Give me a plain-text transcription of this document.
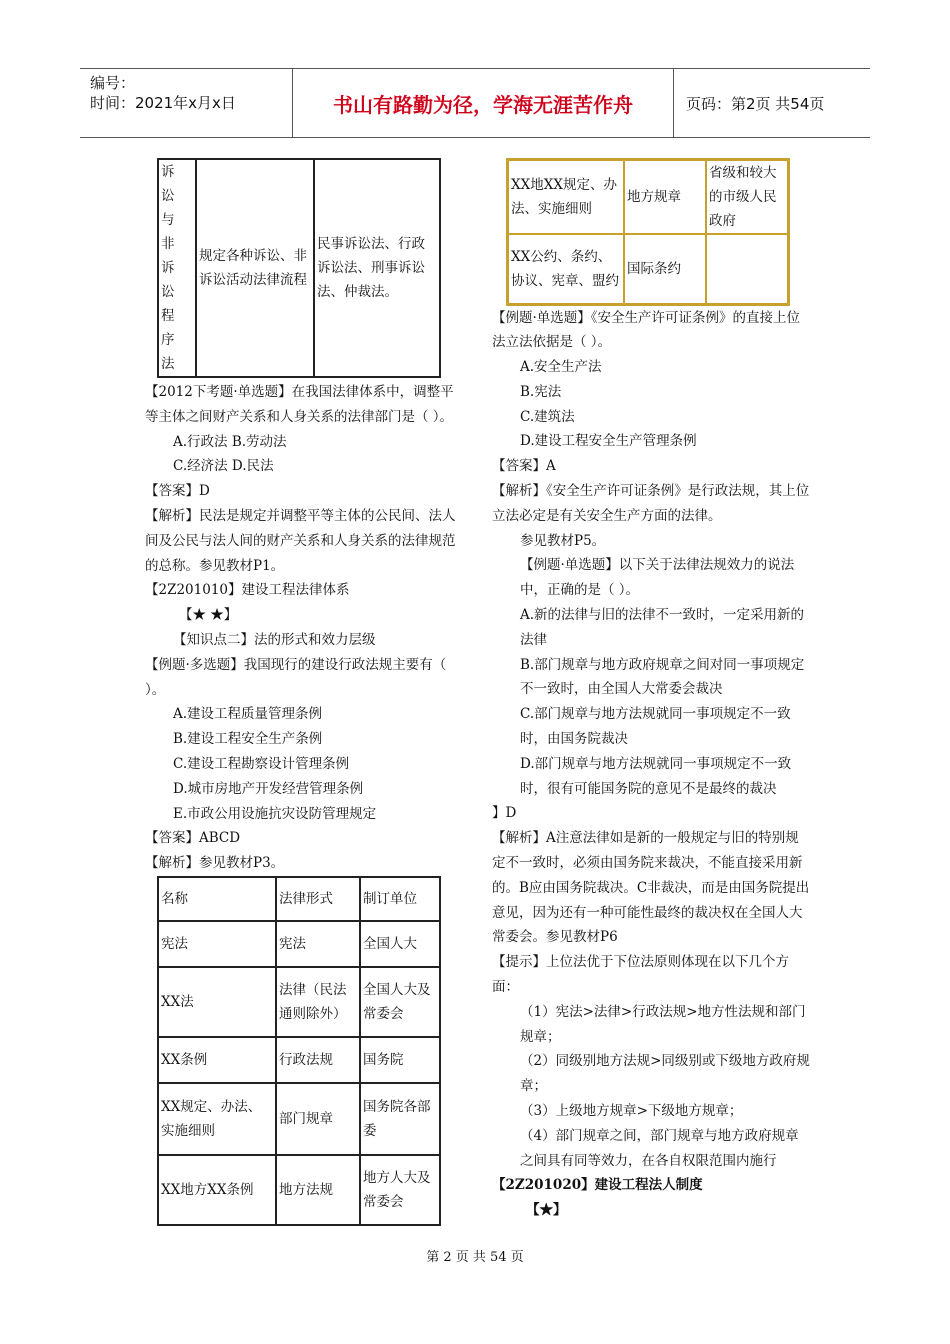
编号：
时间：2021年x月x日	书山有路勤为径，学海无涯苦作舟	页码：第2页 共54页
诉讼与非诉讼程序法	规定各种诉讼、非诉讼活动法律流程	民事诉讼法、行政诉讼法、刑事诉讼法、仲裁法。

【2012下考题·单选题】在我国法律体系中，调整平等主体之间财产关系和人身关系的法律部门是（ ）。

A.行政法 B.劳动法

C.经济法 D.民法

【答案】D

【解析】民法是规定并调整平等主体的公民间、法人间及公民与法人间的财产关系和人身关系的法律规范的总称。参见教材P1。

【2Z201010】建设工程法律体系

【★ ★】

【知识点二】法的形式和效力层级

【例题·多选题】我国现行的建设行政法规主要有（ ）。

A.建设工程质量管理条例

B.建设工程安全生产条例

C.建设工程勘察设计管理条例

D.城市房地产开发经营管理条例

E.市政公用设施抗灾设防管理规定

【答案】ABCD

【解析】参见教材P3。

名称	法律形式	制订单位
宪法	宪法	全国人大
XX法	法律（民法通则除外）	全国人大及常委会
XX条例	行政法规	国务院
XX规定、办法、实施细则	部门规章	国务院各部委
XX地方XX条例	地方法规	地方人大及常委会
XX地XX规定、办法、实施细则	地方规章	省级和较大的市级人民政府
XX公约、条约、协议、宪章、盟约	国际条约	

【例题·单选题】《安全生产许可证条例》的直接上位法立法依据是（ ）。

A.安全生产法

B.宪法

C.建筑法

D.建设工程安全生产管理条例

【答案】A

【解析】《安全生产许可证条例》是行政法规，其上位立法必定是有关安全生产方面的法律。

参见教材P5。

【例题·单选题】以下关于法律法规效力的说法中，正确的是（ ）。

A.新的法律与旧的法律不一致时，一定采用新的法律

B.部门规章与地方政府规章之间对同一事项规定不一致时，由全国人大常委会裁决

C.部门规章与地方法规就同一事项规定不一致时，由国务院裁决

D.部门规章与地方法规就同一事项规定不一致时，很有可能国务院的意见不是最终的裁决

】D

【解析】A注意法律如是新的一般规定与旧的特别规定不一致时，必须由国务院来裁决，不能直接采用新的。B应由国务院裁决。C非裁决，而是由国务院提出意见，因为还有一种可能性最终的裁决权在全国人大常委会。参见教材P6

【提示】上位法优于下位法原则体现在以下几个方面：

（1）宪法>法律>行政法规>地方性法规和部门规章；

（2）同级别地方法规>同级别或下级地方政府规章；

（3）上级地方规章>下级地方规章；

（4）部门规章之间，部门规章与地方政府规章之间具有同等效力，在各自权限范围内施行

【2Z201020】建设工程法人制度

【★】

第 2 页 共 54 页
